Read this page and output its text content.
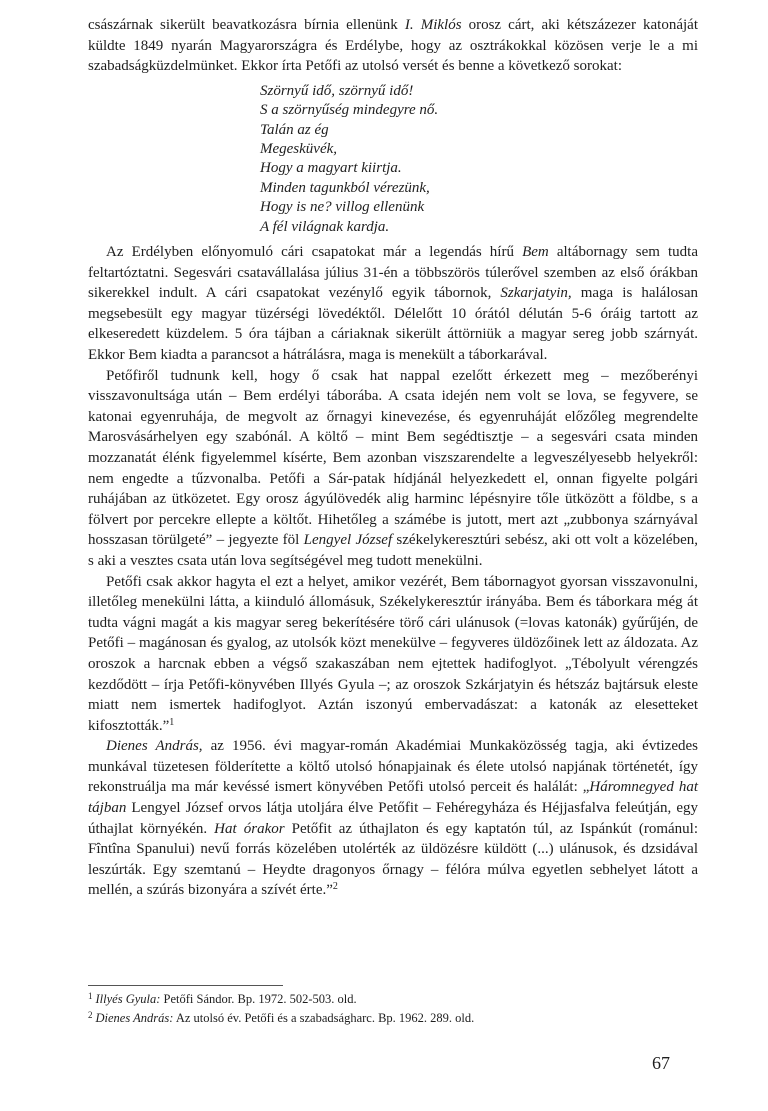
császárnak sikerült beavatkozásra bírnia ellenünk I. Miklós orosz cárt, aki kétszázezer katonáját küldte 1849 nyarán Magyarországra és Erdélybe, hogy az osztrákokkal közösen verje le a mi szabadságküzdelmünket. Ekkor írta Petőfi az utolsó versét és benne a következő sorokat:

Szörnyű idő, szörnyű idő!
S a szörnyűség mindegyre nő.
Talán az ég
Megesküvék,
Hogy a magyart kiirtja.
Minden tagunkból vérezünk,
Hogy is ne? villog ellenünk
A fél világnak kardja.

Az Erdélyben előnyomuló cári csapatokat már a legendás hírű Bem altábornagy sem tudta feltartóztatni. Segesvári csatavállalása július 31-én a többszörös túlerővel szemben az első órákban sikerekkel indult. A cári csapatokat vezénylő egyik tábornok, Szkarjatyin, maga is halálosan megsebesült egy magyar tüzérségi lövedéktől. Délelőtt 10 órától délután 5-6 óráig tartott az elkeseredett küzdelem. 5 óra tájban a cáriaknak sikerült áttörniük a magyar sereg jobb szárnyát. Ekkor Bem kiadta a parancsot a hátrálásra, maga is menekült a táborkarával.

Petőfiről tudnunk kell, hogy ő csak hat nappal ezelőtt érkezett meg – mezőberényi visszavonultsága után – Bem erdélyi táborába. A csata idején nem volt se lova, se fegyvere, se katonai egyenruhája, de megvolt az őrnagyi kinevezése, és egyenruháját előzőleg megrendelte Marosvásárhelyen egy szabónál. A költő – mint Bem segédtisztje – a segesvári csata minden mozzanatát élénk figyelemmel kísérte, Bem azonban viszszarendelte a legveszélyesebb helyekről: nem engedte a tűzvonalba. Petőfi a Sár-patak hídjánál helyezkedett el, onnan figyelte polgári ruhájában az ütközetet. Egy orosz ágyúlövedék alig harminc lépésnyire tőle ütközött a földbe, s a fölvert por percekre ellepte a költőt. Hihetőleg a számébe is jutott, mert azt „zubbonya szárnyával hosszasan törülgeté” – jegyezte föl Lengyel József székelykeresztúri sebész, aki ott volt a közelében, s aki a vesztes csata után lova segítségével meg tudott menekülni.

Petőfi csak akkor hagyta el ezt a helyet, amikor vezérét, Bem tábornagyot gyorsan visszavonulni, illetőleg menekülni látta, a kiinduló állomásuk, Székelykeresztúr irányába. Bem és táborkara még át tudta vágni magát a kis magyar sereg bekerítésére törő cári ulánusok (=lovas katonák) gyűrűjén, de Petőfi – magánosan és gyalog, az utolsók közt menekülve – fegyveres üldözőinek lett az áldozata. Az oroszok a harcnak ebben a végső szakaszában nem ejtettek hadifoglyot. „Tébolyult vérengzés kezdődött – írja Petőfi-könyvében Illyés Gyula –; az oroszok Szkárjatyin és hétszáz bajtársuk eleste miatt nem ismertek hadifoglyot. Aztán iszonyú embervadászat: a katonák az elesetteket kifosztották.”$^1$

Dienes András, az 1956. évi magyar-román Akadémiai Munkaközösség tagja, aki évtizedes munkával tüzetesen földerítette a költő utolsó hónapjainak és élete utolsó napjának történetét, így rekonstruálja ma már kevéssé ismert könyvében Petőfi utolsó perceit és halálát: „Háromnegyed hat tájban Lengyel József orvos látja utoljára élve Petőfit – Fehéregyháza és Héjjasfalva feleútján, egy úthajlat környékén. Hat órakor Petőfit az úthajlaton és egy kaptatón túl, az Ispánkút (románul: Fîntîna Spanului) nevű forrás közelében utolérték az üldözésre küldött (...) ulánusok, és dzsidával leszúrták. Egy szemtanú – Heydte dragonyos őrnagy – félóra múlva egyetlen sebhelyet látott a mellén, a szúrás bizonyára a szívét érte.”$^2$

$^1$ Illyés Gyula: Petőfi Sándor. Bp. 1972. 502-503. old.
$^2$ Dienes András: Az utolsó év. Petőfi és a szabadságharc. Bp. 1962. 289. old.
67
